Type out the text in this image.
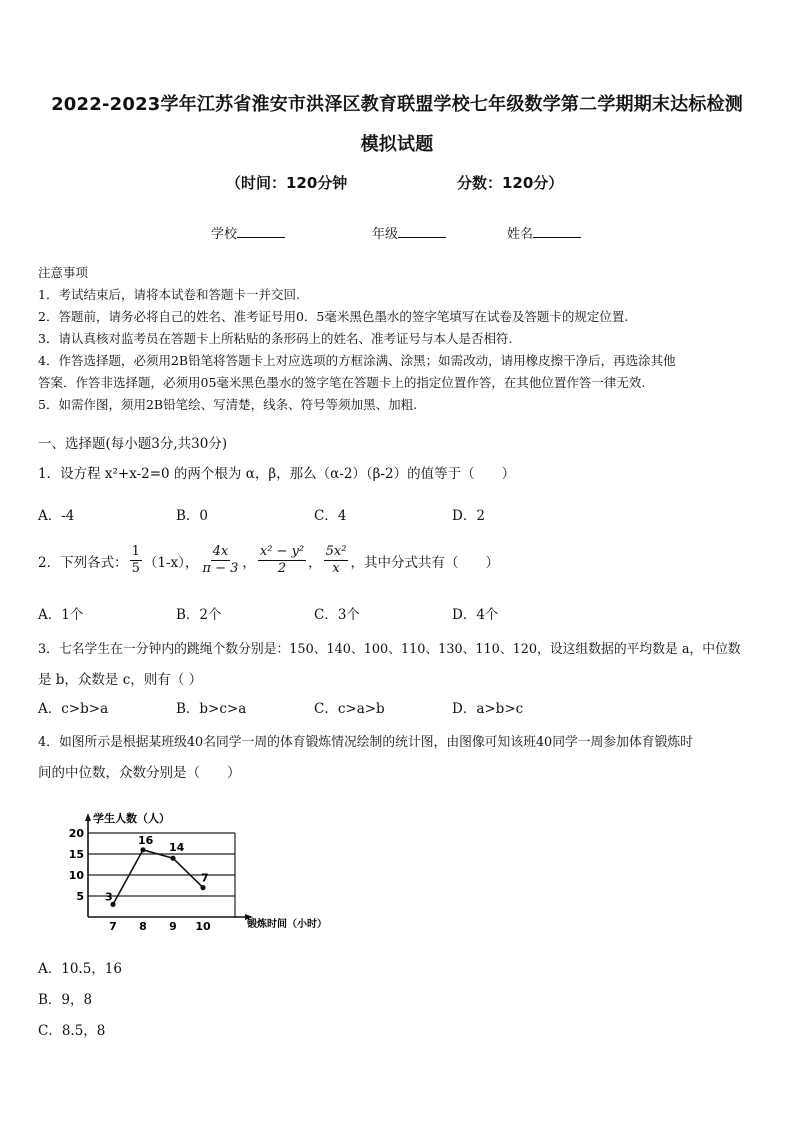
2022-2023学年江苏省淮安市洪泽区教育联盟学校七年级数学第二学期期末达标检测
模拟试题
（时间：120分钟	分数：120分）
学校	年级	姓名
注意事项
1．考试结束后，请将本试卷和答题卡一并交回.
2．答题前，请务必将自己的姓名、准考证号用0．5毫米黑色墨水的签字笔填写在试卷及答题卡的规定位置.
3．请认真核对监考员在答题卡上所粘贴的条形码上的姓名、准考证号与本人是否相符.
4．作答选择题，必须用2B铅笔将答题卡上对应选项的方框涂满、涂黑；如需改动，请用橡皮擦干净后，再选涂其他
答案．作答非选择题，必须用05毫米黑色墨水的签字笔在答题卡上的指定位置作答，在其他位置作答一律无效.
5．如需作图，须用2B铅笔绘、写清楚，线条、符号等须加黑、加粗.
一、选择题(每小题3分,共30分)
1．设方程 x²+x-2=0 的两个根为 α，β，那么（α-2）（β-2）的值等于（　　）
A．-4	B．0	C．4	D．2
2．下列各式： $\frac{1}{5} (1-x)$， $\frac{4x}{\pi - 3}$ ， $\frac{\text{x² − y²}}{2}$ ， $\frac{\text{5x²}}{x}$ ，其中分式共有（　　）
A．1个	B．2个	C．3个	D．4个
3．七名学生在一分钟内的跳绳个数分别是：150、140、100、110、130、110、120，设这组数据的平均数是 a，中位数
是 b，众数是 c，则有（ ）
A．c>b>a	B．b>c>a	C．c>a>b	D．a>b>c
4．如图所示是根据某班级40名同学一周的体育锻炼情况绘制的统计图，由图像可知该班40同学一周参加体育锻炼时
间的中位数，众数分别是（　　）
学生人数（人）
锻炼时间（小时）
5
10
15
20
7 8 9 10
3
16
14
7
A．10.5，16
B．9，8
C．8.5，8
